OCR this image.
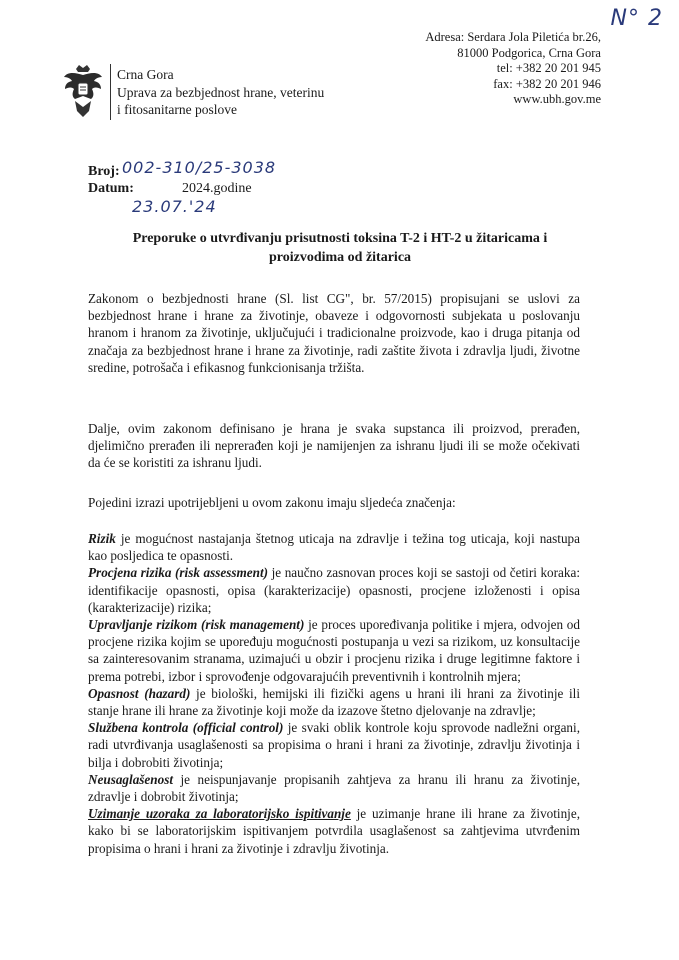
N° 2
Adresa: Serdara Jola Piletića br.26,
81000 Podgorica, Crna Gora
tel: +382 20 201 945
fax: +382 20 201 946
www.ubh.gov.me
Crna Gora
Uprava za bezbjednost hrane, veterinu
i fitosanitarne poslove
Broj: 002-310/25-3038
Datum:	2024.godine
23.07.'24
Preporuke o utvrđivanju prisutnosti toksina T-2 i HT-2 u žitaricama i
proizvodima od žitarica
Zakonom o bezbjednosti hrane (Sl. list CG", br. 57/2015) propisujani se uslovi za bezbjednost hrane i hrane za životinje, obaveze i odgovornosti subjekata u poslovanju hranom i hranom za životinje, uključujući i tradicionalne proizvode, kao i druga pitanja od značaja za bezbjednost hrane i hrane za životinje, radi zaštite života i zdravlja ljudi, životne sredine, potrošača i efikasnog funkcionisanja tržišta.
Dalje, ovim zakonom definisano je hrana je svaka supstanca ili proizvod, prerađen, djelimično prerađen ili neprerađen koji je namijenjen za ishranu ljudi ili se može očekivati da će se koristiti za ishranu ljudi.
Pojedini izrazi upotrijebljeni u ovom zakonu imaju sljedeća značenja:

Rizik je mogućnost nastajanja štetnog uticaja na zdravlje i težina tog uticaja, koji nastupa kao posljedica te opasnosti.

Procjena rizika (risk assessment) je naučno zasnovan proces koji se sastoji od četiri koraka: identifikacije opasnosti, opisa (karakterizacije) opasnosti, procjene izloženosti i opisa (karakterizacije) rizika;

Upravljanje rizikom (risk management) je proces upoređivanja politike i mjera, odvojen od procjene rizika kojim se upoređuju mogućnosti postupanja u vezi sa rizikom, uz konsultacije sa zainteresovanim stranama, uzimajući u obzir i procjenu rizika i druge legitimne faktore i prema potrebi, izbor i sprovođenje odgovarajućih preventivnih i kontrolnih mjera;

Opasnost (hazard) je biološki, hemijski ili fizički agens u hrani ili hrani za životinje ili stanje hrane ili hrane za životinje koji može da izazove štetno djelovanje na zdravlje;

Službena kontrola (official control) je svaki oblik kontrole koju sprovode nadležni organi, radi utvrđivanja usaglašenosti sa propisima o hrani i hrani za životinje, zdravlju životinja i bilja i dobrobiti životinja;

Neusaglašenost je neispunjavanje propisanih zahtjeva za hranu ili hranu za životinje, zdravlje i dobrobit životinja;

Uzimanje uzoraka za laboratorijsko ispitivanje je uzimanje hrane ili hrane za životinje, kako bi se laboratorijskim ispitivanjem potvrdila usaglašenost sa zahtjevima utvrđenim propisima o hrani i hrani za životinje i zdravlju životinja.
